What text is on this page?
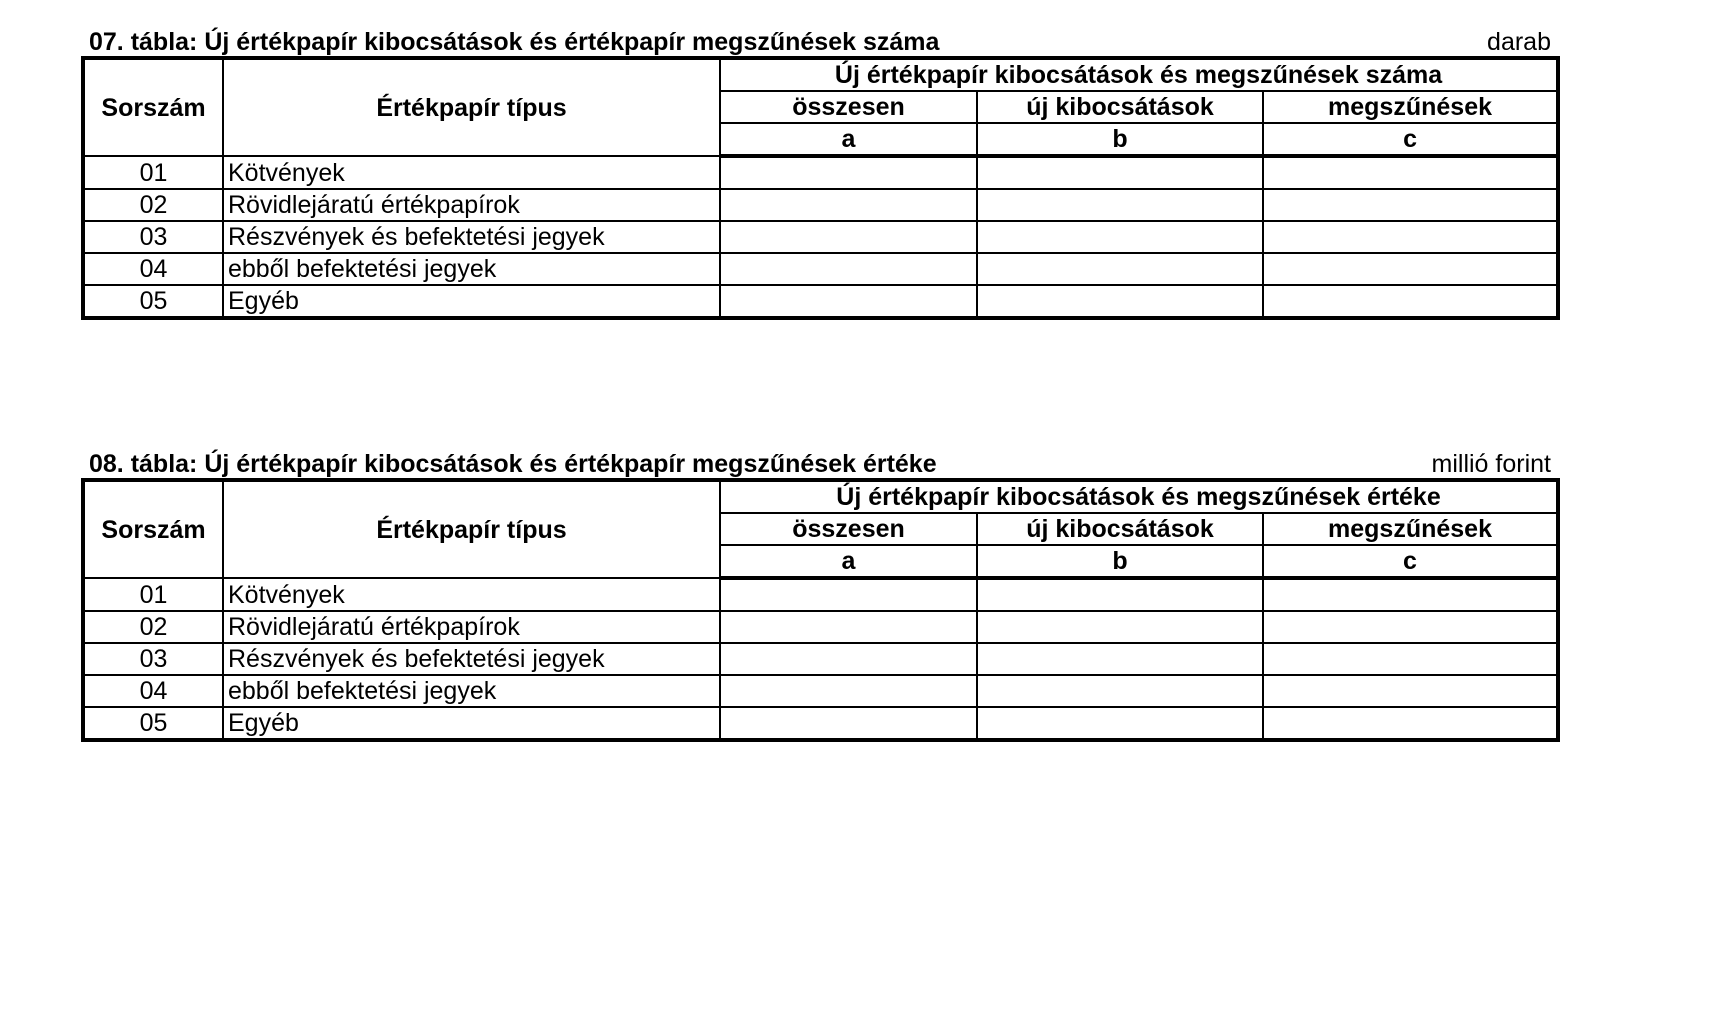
07. tábla: Új értékpapír kibocsátások és értékpapír megszűnések száma	darab
Sorszám	Értékpapír típus	Új értékpapír kibocsátások és megszűnések száma		
		összesen	új kibocsátások	megszűnések
		a	b	c
01	Kötvények			
02	Rövidlejáratú értékpapírok			
03	Részvények és befektetési jegyek			
04	ebből befektetési jegyek			
05	Egyéb			
08. tábla: Új értékpapír kibocsátások és értékpapír megszűnések értéke	millió forint
Sorszám	Értékpapír típus	Új értékpapír kibocsátások és megszűnések értéke		
		összesen	új kibocsátások	megszűnések
		a	b	c
01	Kötvények			
02	Rövidlejáratú értékpapírok			
03	Részvények és befektetési jegyek			
04	ebből befektetési jegyek			
05	Egyéb			
